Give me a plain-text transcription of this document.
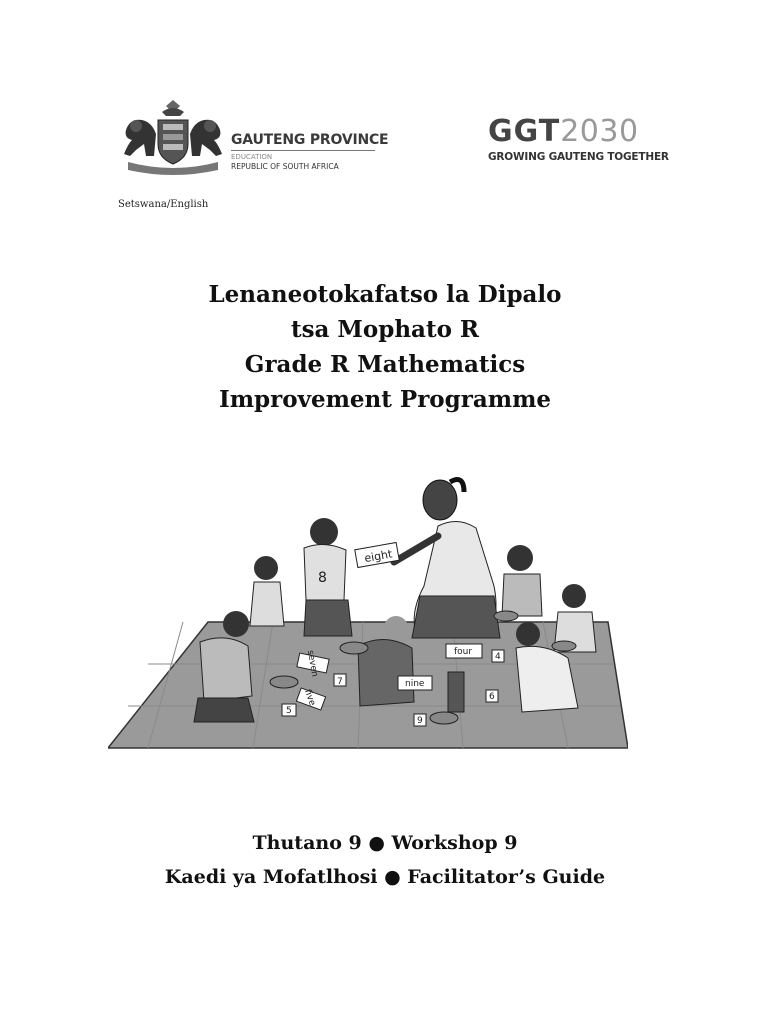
GAUTENG PROVINCE
EDUCATION
REPUBLIC OF SOUTH AFRICA
GGT2030
GROWING GAUTENG TOGETHER
Setswana/English
Lenaneotokafatso la Dipalo
tsa Mophato R
Grade R Mathematics
Improvement Programme
8
eight
seven
7
five
5
four	4
nine
9
6
Thutano 9 ● Workshop 9
Kaedi ya Mofatlhosi ● Facilitator’s Guide
